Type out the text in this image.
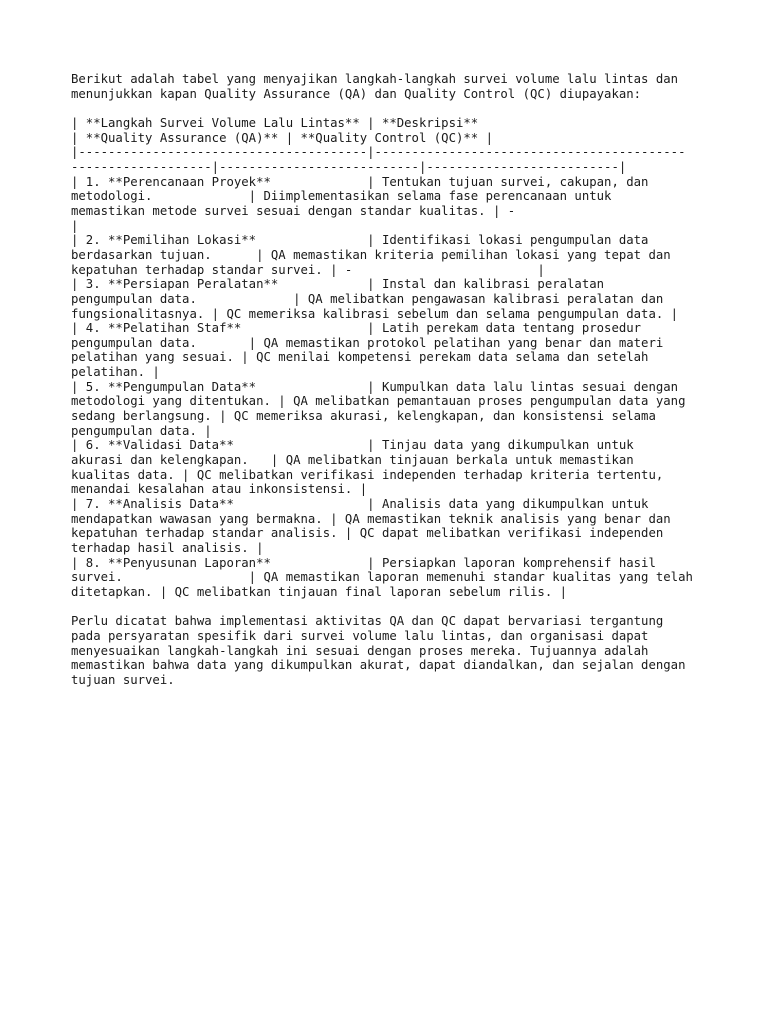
Berikut adalah tabel yang menyajikan langkah-langkah survei volume lalu lintas dan
menunjukkan kapan Quality Assurance (QA) dan Quality Control (QC) diupayakan:

| **Langkah Survei Volume Lalu Lintas** | **Deskripsi**
| **Quality Assurance (QA)** | **Quality Control (QC)** |
|---------------------------------------|------------------------------------------
-------------------|---------------------------|--------------------------|
| 1. **Perencanaan Proyek**             | Tentukan tujuan survei, cakupan, dan
metodologi.             | Diimplementasikan selama fase perencanaan untuk
memastikan metode survei sesuai dengan standar kualitas. | -
|
| 2. **Pemilihan Lokasi**               | Identifikasi lokasi pengumpulan data
berdasarkan tujuan.      | QA memastikan kriteria pemilihan lokasi yang tepat dan
kepatuhan terhadap standar survei. | -                         |
| 3. **Persiapan Peralatan**            | Instal dan kalibrasi peralatan
pengumpulan data.             | QA melibatkan pengawasan kalibrasi peralatan dan
fungsionalitasnya. | QC memeriksa kalibrasi sebelum dan selama pengumpulan data. |
| 4. **Pelatihan Staf**                 | Latih perekam data tentang prosedur
pengumpulan data.       | QA memastikan protokol pelatihan yang benar dan materi
pelatihan yang sesuai. | QC menilai kompetensi perekam data selama dan setelah
pelatihan. |
| 5. **Pengumpulan Data**               | Kumpulkan data lalu lintas sesuai dengan
metodologi yang ditentukan. | QA melibatkan pemantauan proses pengumpulan data yang
sedang berlangsung. | QC memeriksa akurasi, kelengkapan, dan konsistensi selama
pengumpulan data. |
| 6. **Validasi Data**                  | Tinjau data yang dikumpulkan untuk
akurasi dan kelengkapan.   | QA melibatkan tinjauan berkala untuk memastikan
kualitas data. | QC melibatkan verifikasi independen terhadap kriteria tertentu,
menandai kesalahan atau inkonsistensi. |
| 7. **Analisis Data**                  | Analisis data yang dikumpulkan untuk
mendapatkan wawasan yang bermakna. | QA memastikan teknik analisis yang benar dan
kepatuhan terhadap standar analisis. | QC dapat melibatkan verifikasi independen
terhadap hasil analisis. |
| 8. **Penyusunan Laporan**             | Persiapkan laporan komprehensif hasil
survei.                 | QA memastikan laporan memenuhi standar kualitas yang telah
ditetapkan. | QC melibatkan tinjauan final laporan sebelum rilis. |

Perlu dicatat bahwa implementasi aktivitas QA dan QC dapat bervariasi tergantung
pada persyaratan spesifik dari survei volume lalu lintas, dan organisasi dapat
menyesuaikan langkah-langkah ini sesuai dengan proses mereka. Tujuannya adalah
memastikan bahwa data yang dikumpulkan akurat, dapat diandalkan, dan sejalan dengan
tujuan survei.
